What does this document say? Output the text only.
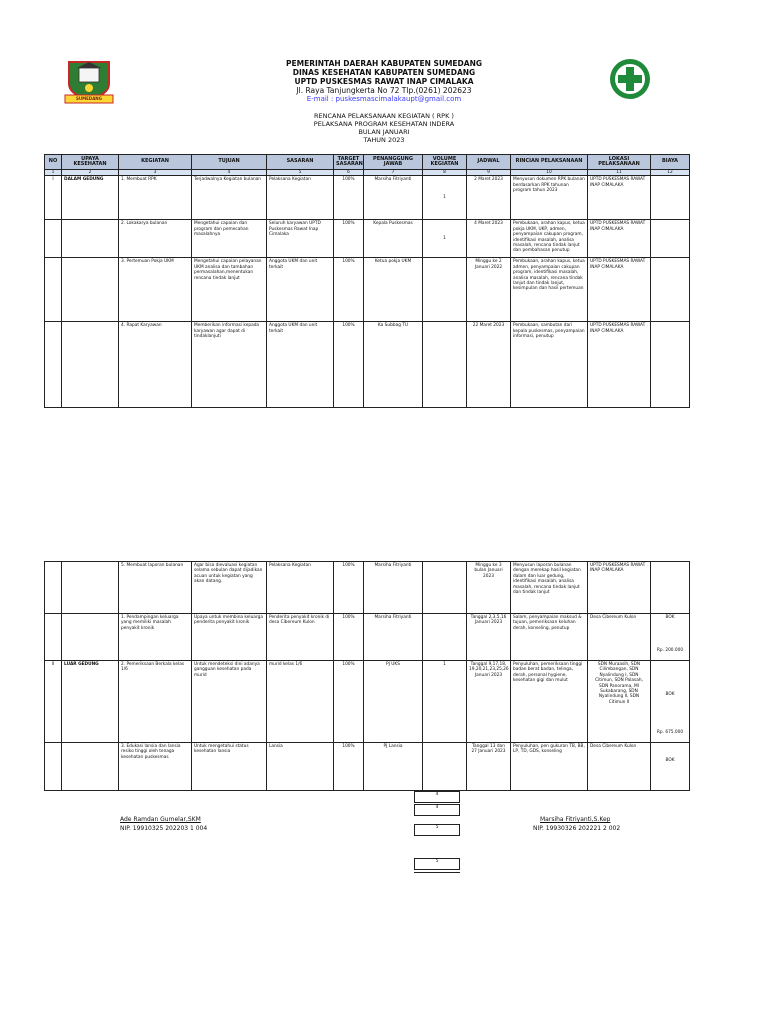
SUMEDANG
PEMERINTAH DAERAH KABUPATEN SUMEDANG
DINAS KESEHATAN KABUPATEN SUMEDANG
UPTD PUSKESMAS RAWAT INAP CIMALAKA
Jl. Raya Tanjungkerta No 72 Tlp.(0261) 202623
E-mail : puskesmascimalakaupt@gmail.com
RENCANA PELAKSANAAN KEGIATAN ( RPK )
PELAKSANA PROGRAM KESEHATAN INDERA
BULAN JANUARI
TAHUN 2023
NO	UPAYA KESEHATAN	KEGIATAN	TUJUAN	SASARAN	TARGET SASARAN	PENANGGUNG JAWAB	VOLUME KEGIATAN	JADWAL	RINCIAN PELAKSANAAN	LOKASI PELAKSANAAN	BIAYA
1	2	3	4	5	6	7	8	9	10	11	12
I	DALAM GEDUNG	1. Membuat RPK	Terjadwalnya Kegiatan bulanan	Pelaksana Kegiatan	100%	Marsiha Fitriyanti	1	2 Maret 2023	Menyusun dokumen RPK bulanan berdasarkan RPK tahunan program tahun 2023	UPTD PUSKESMAS RAWAT INAP CIMALAKA	
		2. Lokakarya bulanan	Mengetahui capaian dan program dan pemecahan masalahnya	Seluruh karyawan UPTD Puskesmas Rawat Inap Cimalaka	100%	Kepala Puskesmas	1	4 Maret 2023	Pembukaan, arahan kapus, ketua pokja UKM, UKP, admen, penyampaian cakupan program, identifikasi masalah, analisa masalah, rencana tindak lanjut dan pembahasan penutup	UPTD PUSKESMAS RAWAT INAP CIMALAKA	
		3. Pertemuan Pokja UKM	Mengetahui capaian pelayanan UKM analisa dan tambahan permasalahan,menentukan rencana tindak lanjut	Anggota UKM dan unit terkait	100%	Ketua pokja UKM		Minggu ke 2 Januari 2022	Pembukaan, arahan kapus, ketua admen, penyampaian cakupan program, identifikasi masalah, analisa masalah, rencana tindak lanjut dan tindak lanjut, kesimpulan dan hasil pertemuan	UPTD PUSKESMAS RAWAT INAP CIMALAKA	
		4. Rapat Karyawan	Memberikan informasi kepada karyawan agar dapat di tindaklanjuti	Anggota UKM dan unit terkait	100%	Ka Subbag TU		22 Maret 2023	Pembukaan, sambutan dari kepala puskesmas, penyampaian informasi, penutup	UPTD PUSKESMAS RAWAT INAP CIMALAKA	
		5. Membuat laporan bulanan	Agar bisa dievaluasi kegiatan selama sebulan dapat dijadikan acuan untuk kegiatan yang akan datang.	Pelaksana Kegiatan	100%	Marsiha Fitriyanti		Minggu ke 3 bulan Januari 2023	Menyusun laporan bulanan dengan merekap hasil kegiatan dalam dan luar gedung, identifikasi masalah, analisa masalah, rencana tindak lanjut dan tindak lanjut	UPTD PUSKESMAS RAWAT INAP CIMALAKA	
		1. Pendampingan keluarga yang memiliki masalah penyakit kronik	Upaya untuk membina keluarga penderita penyakit kronik	Penderita penyakit kronik di desa Cibereum Kulon	100%	Marsiha Fitriyanti		Tanggal 2,3,5,16 Januari 2023	Salam, penyampaian maksud & tujuan, pemeriksaan keluhan derah, konseling, penutup	Desa Cibereum Kulon	BOK
Rp. 200.000

II	LUAR GEDUNG	2. Pemeriksaan Berkala kelas 1/6	Untuk mendeteksi dini adanya gangguan kesehatan pada murid	murid kelas 1/6	100%	PJ UKS	1	Tanggal 9,17,18, 19,20,21,23,25,26 Januari 2023	Penyuluhan, pemeriksaan tinggi badan berat badan, telinga, derah, personal hygiene, kesehatan gigi dan mulut	SDN Muraasih, SDN Cilimbangan, SDN Nyalindung I, SDN Citimun, SDN Palasah, SDN Panorama, MI Sukabarang, SDN Nyalindung II, SDN Citimun II	BOK
Rp. 675.000

		3. Edukasi lansia dan lansia resiko tinggi oleh tenaga kesehatan puskesmas	Untuk mengetahui status kesehatan lansia	Lansia	100%	PJ Lansia		Tanggal 13 dan 27 Januari 2023	Penyuluhan, pen gukuran TB, BB, LP, TD, GDS, konseling	Desa Cibereum Kulon	BOK
4
4
5
5
Ade Ramdan Gumelar,SKM
NIP. 19910325 202203 1 004
Marsiha Fitriyanti,S.Kep
NIP. 19930326 202221 2 002
